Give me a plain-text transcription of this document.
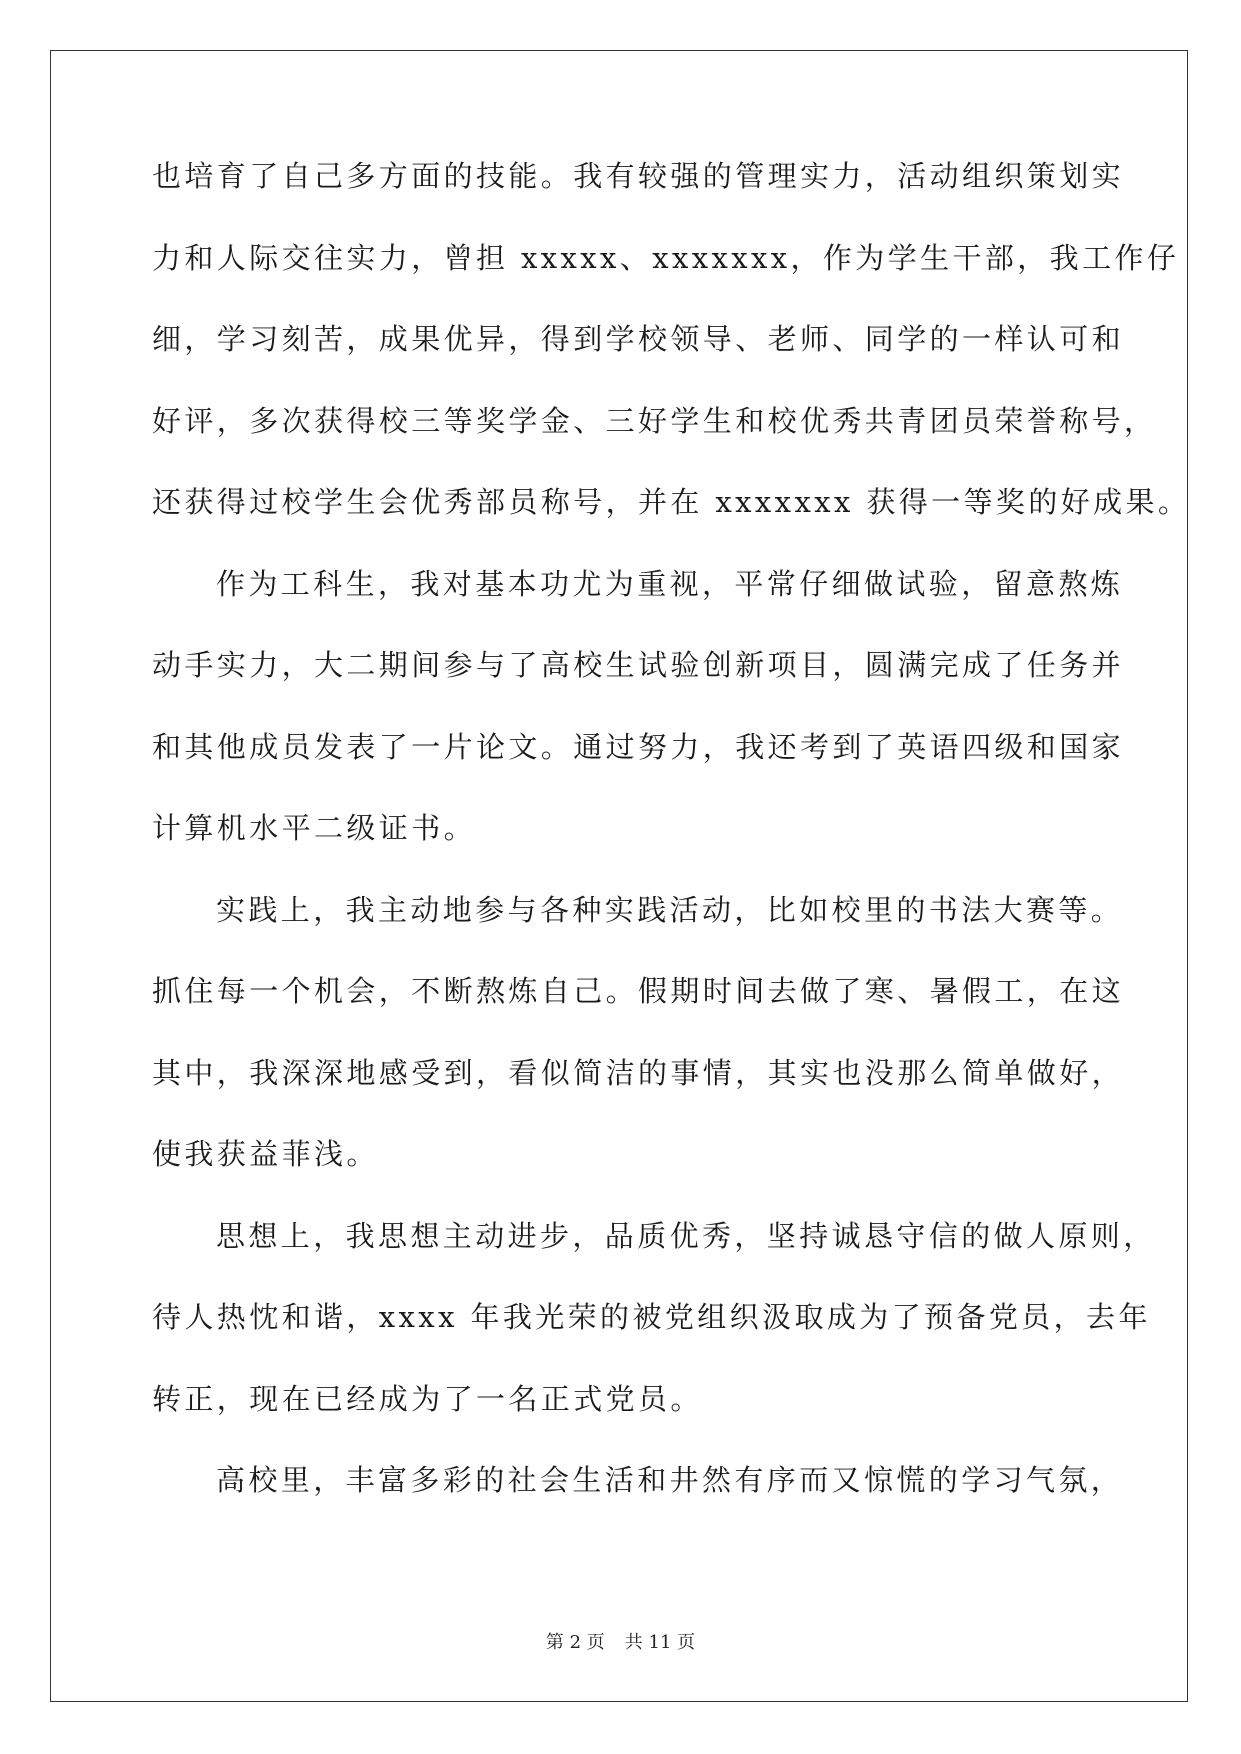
也培育了自己多方面的技能。我有较强的管理实力，活动组织策划实
力和人际交往实力，曾担 xxxxx、xxxxxxx，作为学生干部，我工作仔
细，学习刻苦，成果优异，得到学校领导、老师、同学的一样认可和
好评，多次获得校三等奖学金、三好学生和校优秀共青团员荣誉称号，
还获得过校学生会优秀部员称号，并在 xxxxxxx 获得一等奖的好成果。
作为工科生，我对基本功尤为重视，平常仔细做试验，留意熬炼
动手实力，大二期间参与了高校生试验创新项目，圆满完成了任务并
和其他成员发表了一片论文。通过努力，我还考到了英语四级和国家
计算机水平二级证书。
实践上，我主动地参与各种实践活动，比如校里的书法大赛等。
抓住每一个机会，不断熬炼自己。假期时间去做了寒、暑假工，在这
其中，我深深地感受到，看似简洁的事情，其实也没那么简单做好，
使我获益菲浅。
思想上，我思想主动进步，品质优秀，坚持诚恳守信的做人原则，
待人热忱和谐，xxxx 年我光荣的被党组织汲取成为了预备党员，去年
转正，现在已经成为了一名正式党员。
高校里，丰富多彩的社会生活和井然有序而又惊慌的学习气氛，
第 2 页 共 11 页
